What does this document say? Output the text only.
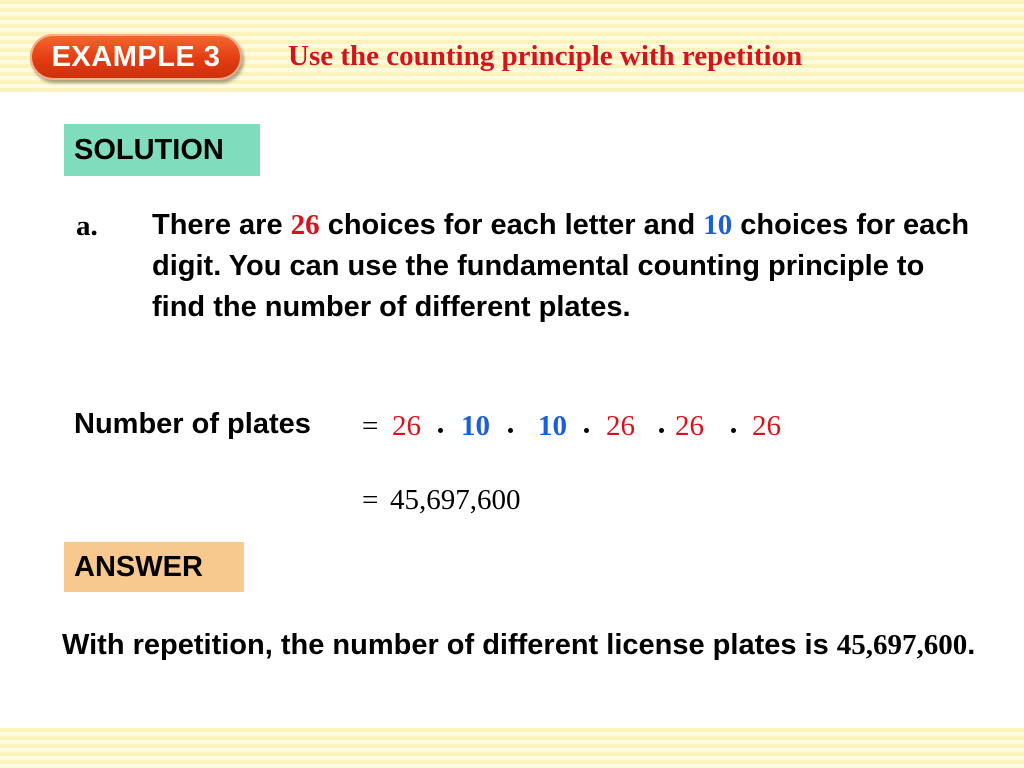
EXAMPLE 3	Use the counting principle with repetition
SOLUTION
a. There are 26 choices for each letter and 10 choices for each digit. You can use the fundamental counting principle to find the number of different plates.
Number of plates = 26 10 10 26 26 26
= 45,697,600
ANSWER
With repetition, the number of different license plates is 45,697,600.
